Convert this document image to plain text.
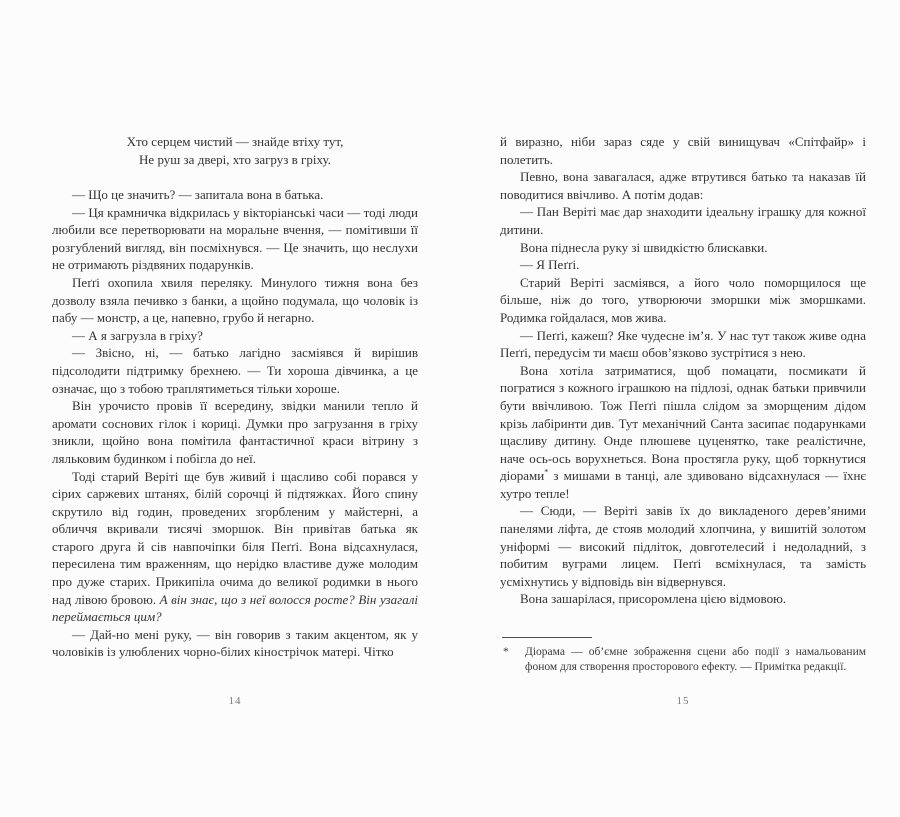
Хто серцем чистий — знайде втіху тут,
Не руш за двері, хто загруз в гріху.

— Що це значить? — запитала вона в батька.

— Ця крамничка відкрилась у вікторіанські часи — тоді люди любили все перетворювати на моральне вчення, — помітивши її розгублений вигляд, він посміхнувся. — Це значить, що неслухи не отримають різдвяних подарунків.

Пеґґі охопила хвиля переляку. Минулого тижня вона без дозволу взяла печивко з банки, а щойно подумала, що чоловік із пабу — монстр, а це, напевно, грубо й негарно.

— А я загрузла в гріху?

— Звісно, ні, — батько лагідно засміявся й вирішив підсолодити підтримку брехнею. — Ти хороша дівчинка, а це означає, що з тобою траплятиметься тільки хороше.

Він урочисто провів її всередину, звідки манили тепло й аромати соснових гілок і кориці. Думки про загрузання в гріху зникли, щойно вона помітила фантастичної краси вітрину з ляльковим будинком і побігла до неї.

Тоді старий Веріті ще був живий і щасливо собі порався у сірих саржевих штанях, білій сорочці й підтяжках. Його спину скрутило від годин, проведених згорбленим у майстерні, а обличчя вкривали тисячі зморшок. Він привітав батька як старого друга й сів навпочіпки біля Пеґґі. Вона відсахнулася, пересилена тим враженням, що нерідко властиве дуже молодим про дуже старих. Прикипіла очима до великої родимки в нього над лівою бровою. А він знає, що з неї волосся росте? Він узагалі переймається цим?

— Дай-но мені руку, — він говорив з таким акцентом, як у чоловіків із улюблених чорно-білих кінострічок матері. Чітко

14

й виразно, ніби зараз сяде у свій винищувач «Спітфайр» і полетить.

Певно, вона завагалася, адже втрутився батько та наказав їй поводитися ввічливо. А потім додав:

— Пан Веріті має дар знаходити ідеальну іграшку для кожної дитини.

Вона піднесла руку зі швидкістю блискавки.

— Я Пеґґі.

Старий Веріті засміявся, а його чоло поморщилося ще більше, ніж до того, утворюючи зморшки між зморшками. Родимка гойдалася, мов жива.

— Пеґґі, кажеш? Яке чудесне ім’я. У нас тут також живе одна Пеґґі, передусім ти маєш обов’язково зустрітися з нею.

Вона хотіла затриматися, щоб помацати, посмикати й погратися з кожного іграшкою на підлозі, однак батьки привчили бути ввічливою. Тож Пеґґі пішла слідом за зморщеним дідом крізь лабіринти див. Тут механічний Санта засипає подарунками щасливу дитину. Онде плюшеве цуценятко, таке реалістичне, наче ось-ось ворухнеться. Вона простягла руку, щоб торкнутися діорами* з мишами в танці, але здивовано відсахнулася — їхнє хутро тепле!

— Сюди, — Веріті завів їх до викладеного дерев’яними панелями ліфта, де стояв молодий хлопчина, у вишитій золотом уніформі — високий підліток, довготелесий і недоладний, з побитим вуграми лицем. Пеґґі всміхнулася, та замість усміхнутись у відповідь він відвернувся.

Вона зашарілася, присоромлена цією відмовою.

*	Діорама — об’ємне зображення сцени або події з намальованим фоном для створення просторового ефекту. — Примітка редакції.
15
